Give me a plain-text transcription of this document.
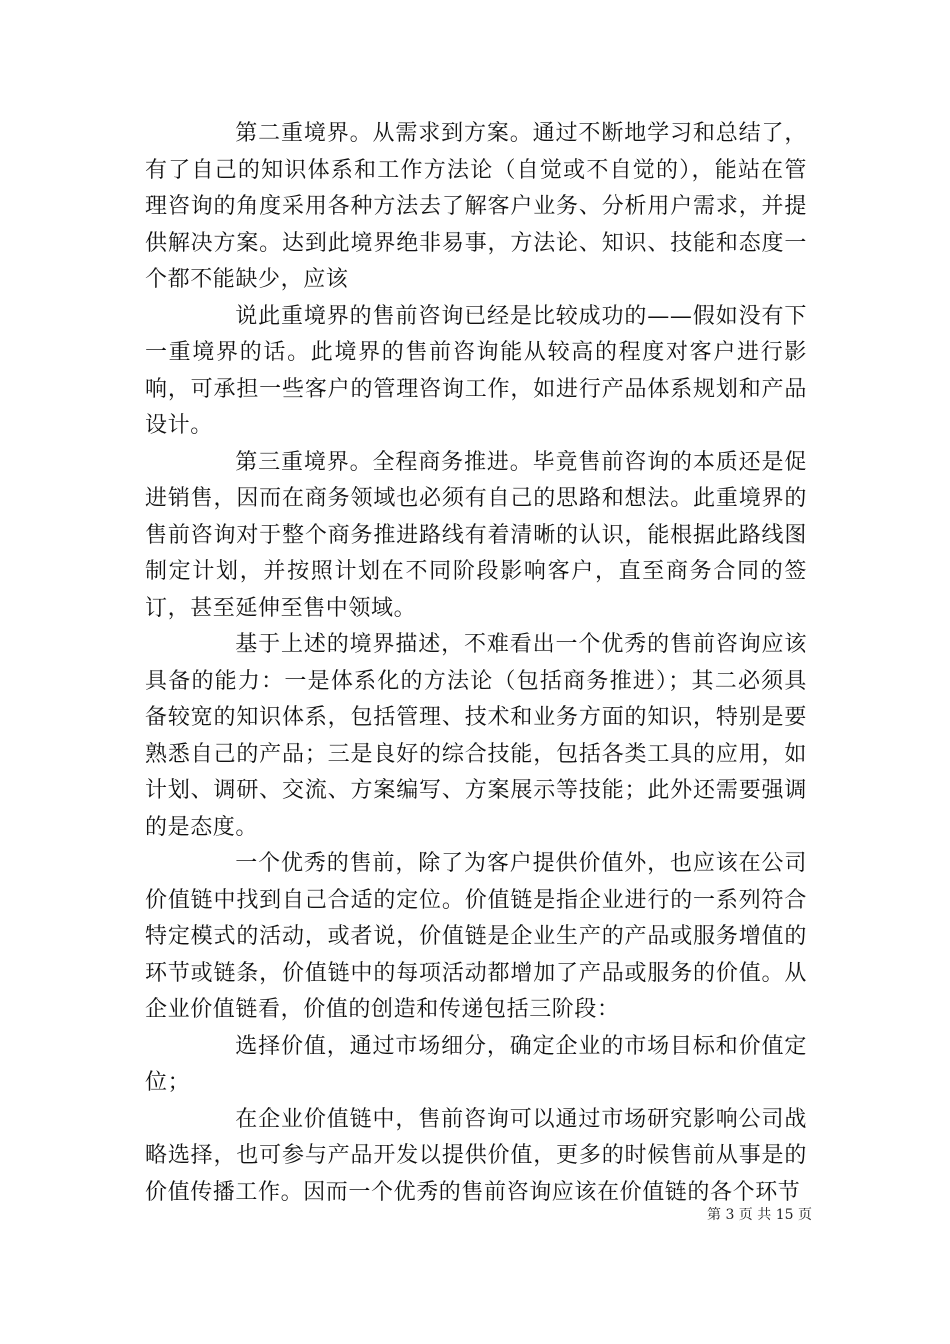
第二重境界。从需求到方案。通过不断地学习和总结了，有了自己的知识体系和工作方法论（自觉或不自觉的），能站在管理咨询的角度采用各种方法去了解客户业务、分析用户需求，并提供解决方案。达到此境界绝非易事，方法论、知识、技能和态度一个都不能缺少，应该

说此重境界的售前咨询已经是比较成功的——假如没有下一重境界的话。此境界的售前咨询能从较高的程度对客户进行影响，可承担一些客户的管理咨询工作，如进行产品体系规划和产品设计。

第三重境界。全程商务推进。毕竟售前咨询的本质还是促进销售，因而在商务领域也必须有自己的思路和想法。此重境界的售前咨询对于整个商务推进路线有着清晰的认识，能根据此路线图制定计划，并按照计划在不同阶段影响客户，直至商务合同的签订，甚至延伸至售中领域。

基于上述的境界描述，不难看出一个优秀的售前咨询应该具备的能力：一是体系化的方法论（包括商务推进）；其二必须具备较宽的知识体系，包括管理、技术和业务方面的知识，特别是要熟悉自己的产品；三是良好的综合技能，包括各类工具的应用，如计划、调研、交流、方案编写、方案展示等技能；此外还需要强调的是态度。

一个优秀的售前，除了为客户提供价值外，也应该在公司价值链中找到自己合适的定位。价值链是指企业进行的一系列符合特定模式的活动，或者说，价值链是企业生产的产品或服务增值的环节或链条，价值链中的每项活动都增加了产品或服务的价值。从企业价值链看，价值的创造和传递包括三阶段：

选择价值，通过市场细分，确定企业的市场目标和价值定位；

在企业价值链中，售前咨询可以通过市场研究影响公司战略选择，也可参与产品开发以提供价值，更多的时候售前从事是的价值传播工作。因而一个优秀的售前咨询应该在价值链的各个环节

第 3 页 共 15 页
